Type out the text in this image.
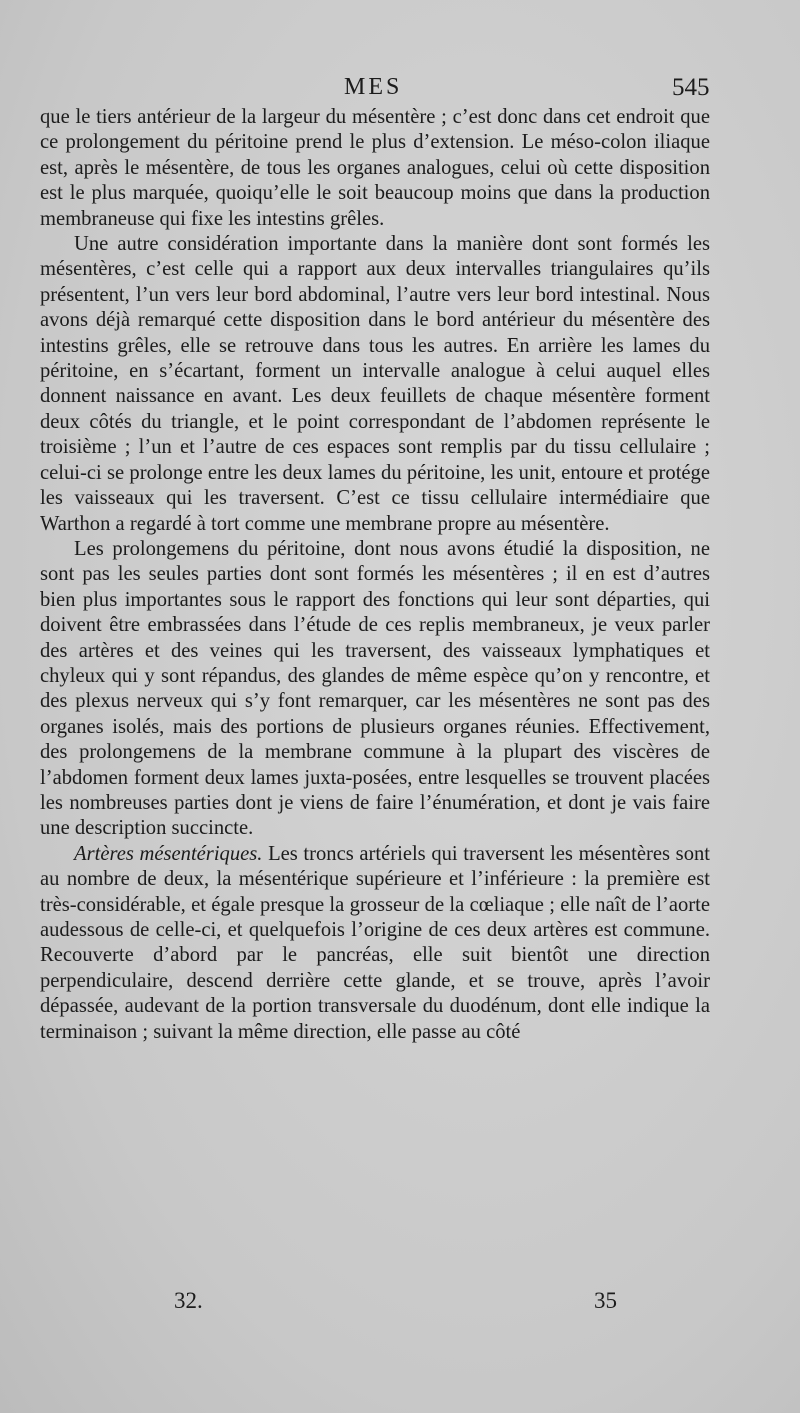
MES	545

que le tiers antérieur de la largeur du mésentère ; c’est donc dans cet endroit que ce prolongement du péritoine prend le plus d’extension. Le méso-colon iliaque est, après le mésentère, de tous les organes analogues, celui où cette disposition est le plus marquée, quoiqu’elle le soit beaucoup moins que dans la production membraneuse qui fixe les intestins grêles.

Une autre considération importante dans la manière dont sont formés les mésentères, c’est celle qui a rapport aux deux intervalles triangulaires qu’ils présentent, l’un vers leur bord abdominal, l’autre vers leur bord intestinal. Nous avons déjà remarqué cette disposition dans le bord antérieur du mésentère des intestins grêles, elle se retrouve dans tous les autres. En arrière les lames du péritoine, en s’écartant, forment un intervalle analogue à celui auquel elles donnent naissance en avant. Les deux feuillets de chaque mésentère forment deux côtés du triangle, et le point correspondant de l’abdomen représente le troisième ; l’un et l’autre de ces espaces sont remplis par du tissu cellulaire ; celui-ci se prolonge entre les deux lames du péritoine, les unit, entoure et protége les vaisseaux qui les traversent. C’est ce tissu cellulaire intermédiaire que Warthon a regardé à tort comme une membrane propre au mésentère.

Les prolongemens du péritoine, dont nous avons étudié la disposition, ne sont pas les seules parties dont sont formés les mésentères ; il en est d’autres bien plus importantes sous le rapport des fonctions qui leur sont départies, qui doivent être embrassées dans l’étude de ces replis membraneux, je veux parler des artères et des veines qui les traversent, des vaisseaux lymphatiques et chyleux qui y sont répandus, des glandes de même espèce qu’on y rencontre, et des plexus nerveux qui s’y font remarquer, car les mésentères ne sont pas des organes isolés, mais des portions de plusieurs organes réunies. Effectivement, des prolongemens de la membrane commune à la plupart des viscères de l’abdomen forment deux lames juxta-posées, entre lesquelles se trouvent placées les nombreuses parties dont je viens de faire l’énumération, et dont je vais faire une description succincte.

Artères mésentériques. Les troncs artériels qui traversent les mésentères sont au nombre de deux, la mésentérique supérieure et l’inférieure : la première est très-considérable, et égale presque la grosseur de la cœliaque ; elle naît de l’aorte audessous de celle-ci, et quelquefois l’origine de ces deux artères est commune. Recouverte d’abord par le pancréas, elle suit bientôt une direction perpendiculaire, descend derrière cette glande, et se trouve, après l’avoir dépassée, audevant de la portion transversale du duodénum, dont elle indique la terminaison ; suivant la même direction, elle passe au côté

32.	35
